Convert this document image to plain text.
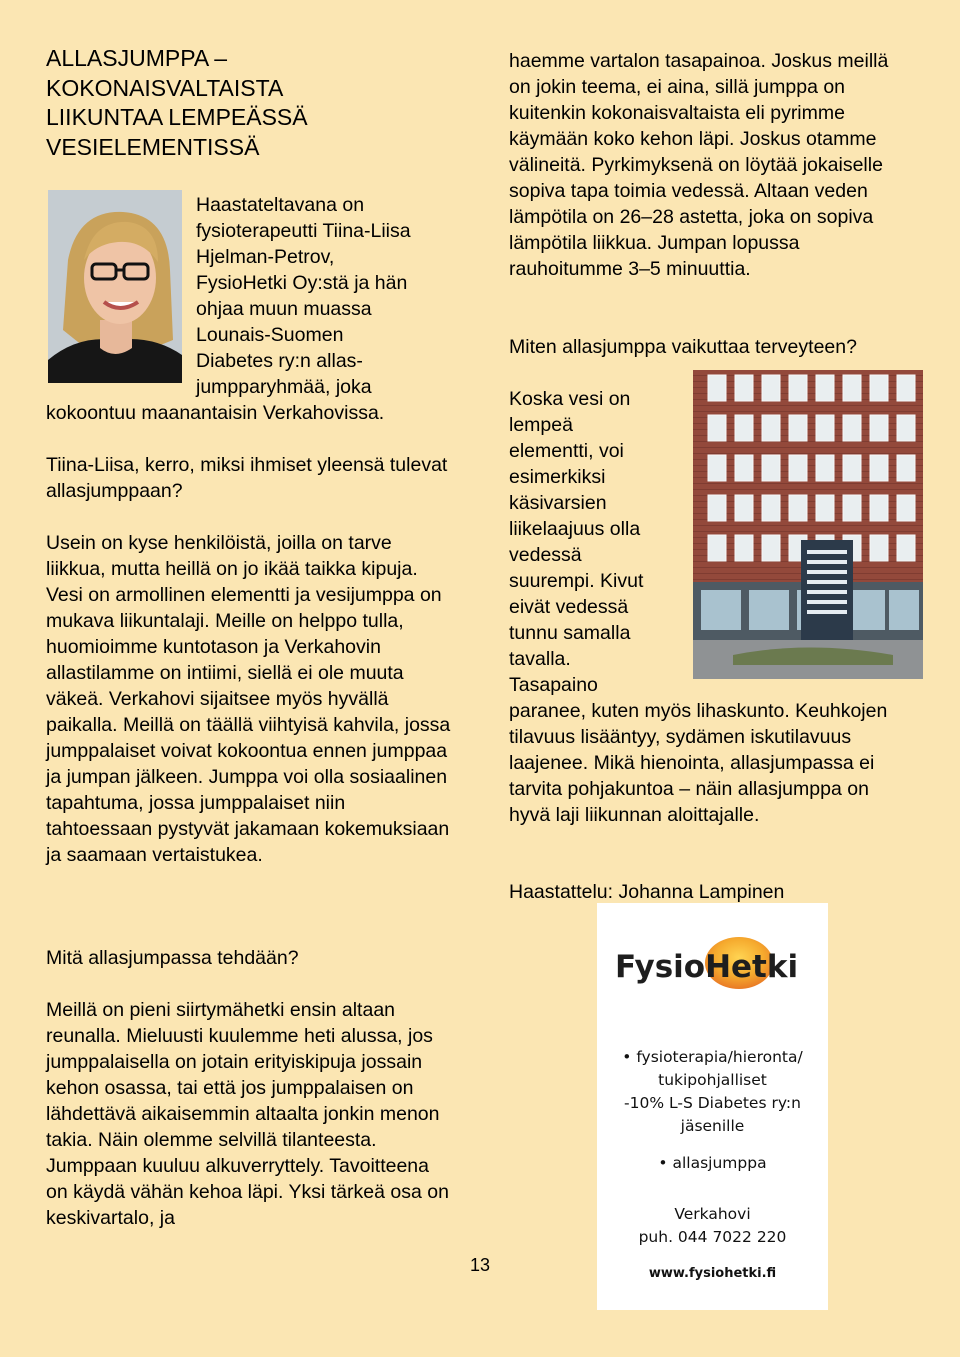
ALLASJUMPPA –
KOKONAISVALTAISTA
LIIKUNTAA LEMPEÄSSÄ
VESIELEMENTISSÄ

Haastateltavana on

fysioterapeutti Tiina-Liisa

Hjelman-Petrov,

FysioHetki Oy:stä ja hän

ohjaa muun muassa

Lounais-Suomen

Diabetes ry:n allas-

jumpparyhmää, joka

kokoontuu maanantaisin Verkahovissa.

Tiina-Liisa, kerro, miksi ihmiset yleensä tulevat allasjumppaan?

Usein on kyse henkilöistä, joilla on tarve liikkua, mutta heillä on jo ikää taikka kipuja. Vesi on armollinen elementti ja vesijumppa on mukava liikuntalaji. Meille on helppo tulla, huomioimme kuntotason ja Verkahovin allastilamme on intiimi, siellä ei ole muuta väkeä. Verkahovi sijaitsee myös hyvällä paikalla. Meillä on täällä viihtyisä kahvila, jossa jumppalaiset voivat kokoontua ennen jumppaa ja jumpan jälkeen. Jumppa voi olla sosiaalinen tapahtuma, jossa jumppalaiset niin tahtoessaan pystyvät jakamaan kokemuksiaan ja saamaan vertaistukea.

Mitä allasjumpassa tehdään?

Meillä on pieni siirtymähetki ensin altaan reunalla. Mieluusti kuulemme heti alussa, jos jumppalaisella on jotain erityiskipuja jossain kehon osassa, tai että jos jumppalaisen on lähdettävä aikaisemmin altaalta jonkin menon takia. Näin olemme selvillä tilanteesta. Jumppaan kuuluu alkuverryttely. Tavoitteena on käydä vähän kehoa läpi. Yksi tärkeä osa on keskivartalo, ja

haemme vartalon tasapainoa. Joskus meillä on jokin teema, ei aina, sillä jumppa on kuitenkin kokonaisvaltaista eli pyrimme käymään koko kehon läpi. Joskus otamme välineitä. Pyrkimyksenä on löytää jokaiselle sopiva tapa toimia vedessä. Altaan veden lämpötila on 26–28 astetta, joka on sopiva lämpötila liikkua. Jumpan lopussa rauhoitumme 3–5 minuuttia.

Miten allasjumppa vaikuttaa terveyteen?

Koska vesi on

lempeä

elementti, voi

esimerkiksi

käsivarsien

liikelaajuus olla

vedessä

suurempi. Kivut

eivät vedessä

tunnu samalla

tavalla.

Tasapaino

paranee, kuten myös lihaskunto. Keuhkojen tilavuus lisääntyy, sydämen iskutilavuus laajenee. Mikä hienointa, allasjumpassa ei tarvita pohjakuntoa – näin allasjumppa on hyvä laji liikunnan aloittajalle.

Haastattelu: Johanna Lampinen

FysioHetki
• fysioterapia/hieronta/
tukipohjalliset
-10% L-S Diabetes ry:n
jäsenille
• allasjumppa
Verkahovi
puh. 044 7022 220
www.fysiohetki.fi
13
